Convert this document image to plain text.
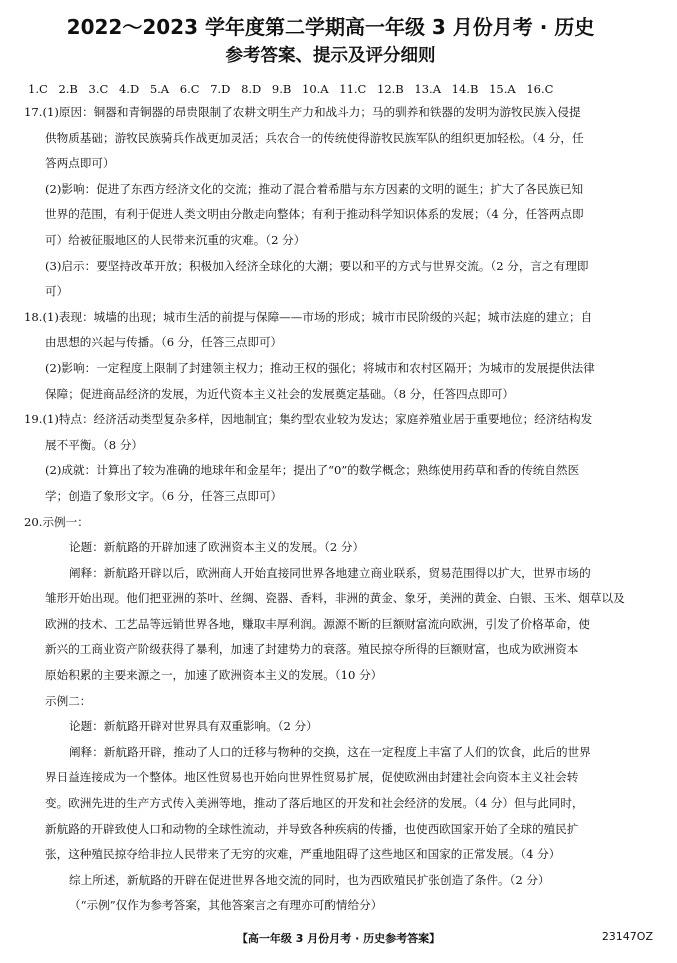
2022～2023 学年度第二学期高一年级 3 月份月考 · 历史
参考答案、提示及评分细则
1.C 2.B 3.C 4.D 5.A 6.C 7.D 8.D 9.B 10.A 11.C 12.B 13.A 14.B 15.A 16.C

17.(1)原因：铜器和青铜器的昂贵限制了农耕文明生产力和战斗力；马的驯养和铁器的发明为游牧民族入侵提

供物质基础；游牧民族骑兵作战更加灵活；兵农合一的传统使得游牧民族军队的组织更加轻松。（4 分，任

答两点即可）

(2)影响：促进了东西方经济文化的交流；推动了混合着希腊与东方因素的文明的诞生；扩大了各民族已知

世界的范围，有利于促进人类文明由分散走向整体；有利于推动科学知识体系的发展；（4 分，任答两点即

可）给被征服地区的人民带来沉重的灾难。（2 分）

(3)启示：要坚持改革开放；积极加入经济全球化的大潮；要以和平的方式与世界交流。（2 分，言之有理即

可）

18.(1)表现：城墙的出现；城市生活的前提与保障——市场的形成；城市市民阶级的兴起；城市法庭的建立；自

由思想的兴起与传播。（6 分，任答三点即可）

(2)影响：一定程度上限制了封建领主权力；推动王权的强化；将城市和农村区隔开；为城市的发展提供法律

保障；促进商品经济的发展，为近代资本主义社会的发展奠定基础。（8 分，任答四点即可）

19.(1)特点：经济活动类型复杂多样，因地制宜；集约型农业较为发达；家庭养殖业居于重要地位；经济结构发

展不平衡。（8 分）

(2)成就：计算出了较为准确的地球年和金星年；提出了“0”的数学概念；熟练使用药草和香的传统自然医

学；创造了象形文字。（6 分，任答三点即可）

20.示例一：

论题：新航路的开辟加速了欧洲资本主义的发展。（2 分）

阐释：新航路开辟以后，欧洲商人开始直接同世界各地建立商业联系，贸易范围得以扩大，世界市场的

雏形开始出现。他们把亚洲的茶叶、丝绸、瓷器、香料，非洲的黄金、象牙，美洲的黄金、白银、玉米、烟草以及

欧洲的技术、工艺品等远销世界各地，赚取丰厚利润。源源不断的巨额财富流向欧洲，引发了价格革命，使

新兴的工商业资产阶级获得了暴利，加速了封建势力的衰落。殖民掠夺所得的巨额财富，也成为欧洲资本

原始积累的主要来源之一，加速了欧洲资本主义的发展。（10 分）

示例二：

论题：新航路开辟对世界具有双重影响。（2 分）

阐释：新航路开辟，推动了人口的迁移与物种的交换，这在一定程度上丰富了人们的饮食，此后的世界

界日益连接成为一个整体。地区性贸易也开始向世界性贸易扩展，促使欧洲由封建社会向资本主义社会转

变。欧洲先进的生产方式传入美洲等地，推动了落后地区的开发和社会经济的发展。（4 分）但与此同时，

新航路的开辟致使人口和动物的全球性流动，并导致各种疾病的传播，也使西欧国家开始了全球的殖民扩

张，这种殖民掠夺给非拉人民带来了无穷的灾难，严重地阻碍了这些地区和国家的正常发展。（4 分）

综上所述，新航路的开辟在促进世界各地交流的同时，也为西欧殖民扩张创造了条件。（2 分）

（“示例”仅作为参考答案，其他答案言之有理亦可酌情给分）

【高一年级 3 月份月考 · 历史参考答案】	23147OZ
